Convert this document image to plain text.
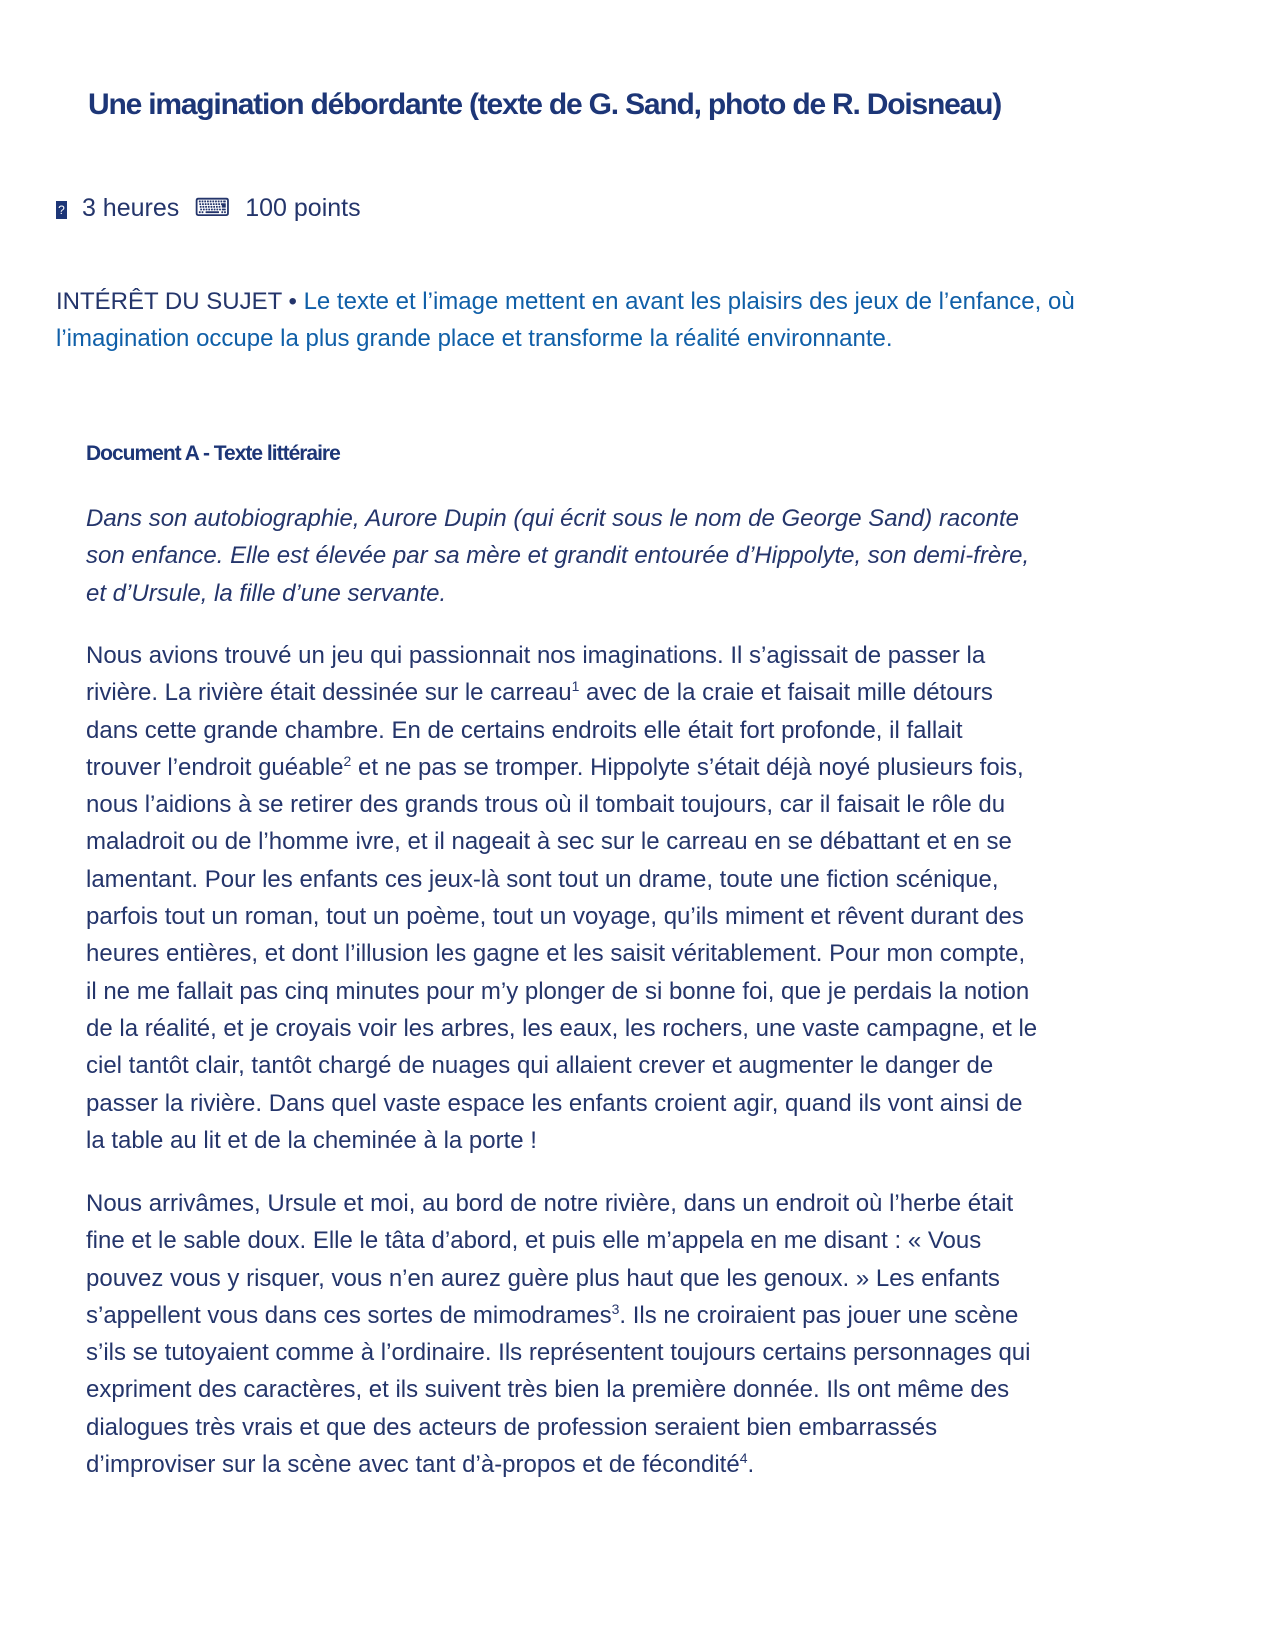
Une imagination débordante (texte de G. Sand, photo de R. Doisneau)
? 3 heures ⌨ 100 points
INTÉRÊT DU SUJET • Le texte et l’image mettent en avant les plaisirs des jeux de l’enfance, où
l’imagination occupe la plus grande place et transforme la réalité environnante.
Document A - Texte littéraire
Dans son autobiographie, Aurore Dupin (qui écrit sous le nom de George Sand) raconte
son enfance. Elle est élevée par sa mère et grandit entourée d’Hippolyte, son demi-frère,
et d’Ursule, la fille d’une servante.
Nous avions trouvé un jeu qui passionnait nos imaginations. Il s’agissait de passer la
rivière. La rivière était dessinée sur le carreau$^1$ avec de la craie et faisait mille détours
dans cette grande chambre. En de certains endroits elle était fort profonde, il fallait
trouver l’endroit guéable$^2$ et ne pas se tromper. Hippolyte s’était déjà noyé plusieurs fois,
nous l’aidions à se retirer des grands trous où il tombait toujours, car il faisait le rôle du
maladroit ou de l’homme ivre, et il nageait à sec sur le carreau en se débattant et en se
lamentant. Pour les enfants ces jeux-là sont tout un drame, toute une fiction scénique,
parfois tout un roman, tout un poème, tout un voyage, qu’ils miment et rêvent durant des
heures entières, et dont l’illusion les gagne et les saisit véritablement. Pour mon compte,
il ne me fallait pas cinq minutes pour m’y plonger de si bonne foi, que je perdais la notion
de la réalité, et je croyais voir les arbres, les eaux, les rochers, une vaste campagne, et le
ciel tantôt clair, tantôt chargé de nuages qui allaient crever et augmenter le danger de
passer la rivière. Dans quel vaste espace les enfants croient agir, quand ils vont ainsi de
la table au lit et de la cheminée à la porte !
Nous arrivâmes, Ursule et moi, au bord de notre rivière, dans un endroit où l’herbe était
fine et le sable doux. Elle le tâta d’abord, et puis elle m’appela en me disant : « Vous
pouvez vous y risquer, vous n’en aurez guère plus haut que les genoux. » Les enfants
s’appellent vous dans ces sortes de mimodrames$^3$. Ils ne croiraient pas jouer une scène
s’ils se tutoyaient comme à l’ordinaire. Ils représentent toujours certains personnages qui
expriment des caractères, et ils suivent très bien la première donnée. Ils ont même des
dialogues très vrais et que des acteurs de profession seraient bien embarrassés
d’improviser sur la scène avec tant d’à-propos et de fécondité$^4$.
